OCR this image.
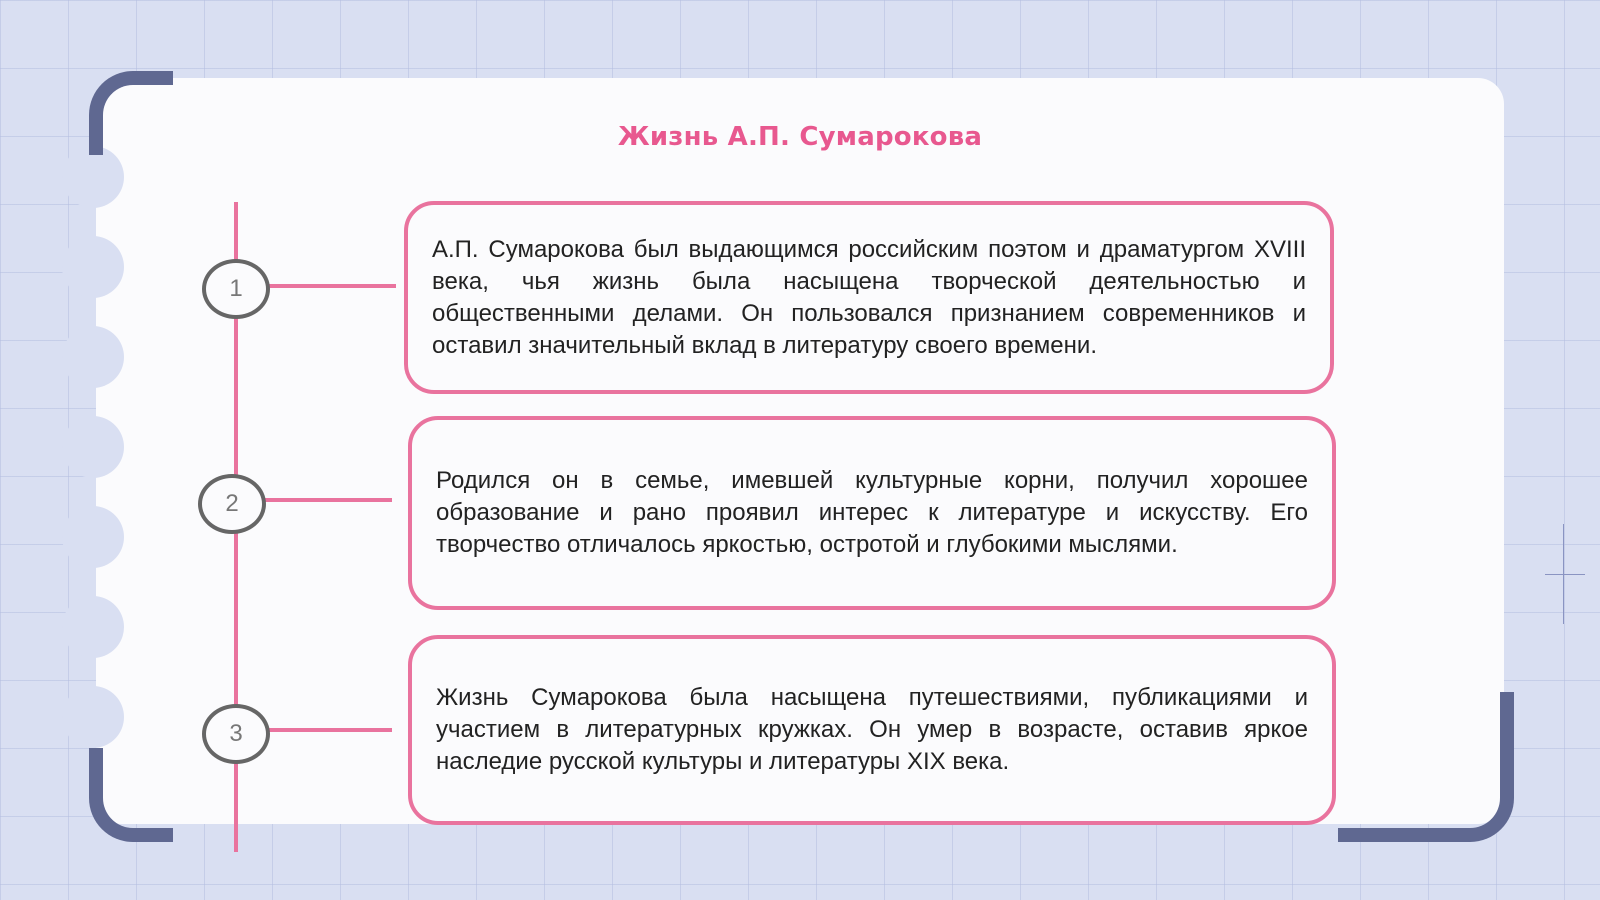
Жизнь А.П. Сумарокова
1
2
3

А.П. Сумарокова был выдающимся российским поэтом и драматургом XVIII века, чья жизнь была насыщена творческой деятельностью и общественными делами. Он пользовался признанием современников и оставил значительный вклад в литературу своего времени.

Родился он в семье, имевшей культурные корни, получил хорошее образование и рано проявил интерес к литературе и искусству. Его творчество отличалось яркостью, остротой и глубокими мыслями.

Жизнь Сумарокова была насыщена путешествиями, публикациями и участием в литературных кружках. Он умер в возрасте, оставив яркое наследие русской культуры и литературы XIX века.
